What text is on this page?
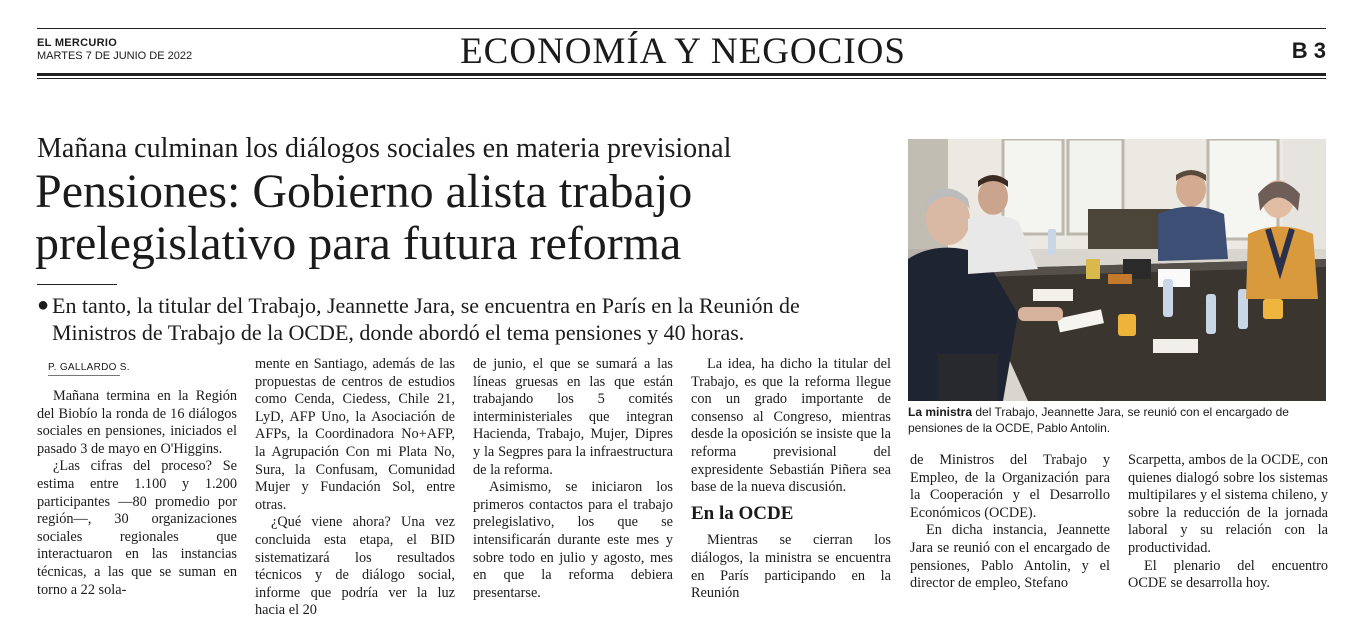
EL MERCURIO
MARTES 7 DE JUNIO DE 2022	ECONOMÍA Y NEGOCIOS	B 3
Mañana culminan los diálogos sociales en materia previsional
Pensiones: Gobierno alista trabajo
prelegislativo para futura reforma
● En tanto, la titular del Trabajo, Jeannette Jara, se encuentra en París en la Reunión de
Ministros de Trabajo de la OCDE, donde abordó el tema pensiones y 40 horas.
P. GALLARDO S.

Mañana termina en la Región del Biobío la ronda de 16 diálogos sociales en pensiones, iniciados el pasado 3 de mayo en O'Higgins.

¿Las cifras del proceso? Se estima entre 1.100 y 1.200 participantes —80 promedio por región—, 30 organizaciones sociales regionales que interactuaron en las instancias técnicas, a las que se suman en torno a 22 sola-

mente en Santiago, además de las propuestas de centros de estudios como Cenda, Ciedess, Chile 21, LyD, AFP Uno, la Asociación de AFPs, la Coordinadora No+AFP, la Agrupación Con mi Plata No, Sura, la Confusam, Comunidad Mujer y Fundación Sol, entre otras.

¿Qué viene ahora? Una vez concluida esta etapa, el BID sistematizará los resultados técnicos y de diálogo social, informe que podría ver la luz hacia el 20

de junio, el que se sumará a las líneas gruesas en las que están trabajando los 5 comités interministeriales que integran Hacienda, Trabajo, Mujer, Dipres y la Segpres para la infraestructura de la reforma.

Asimismo, se iniciaron los primeros contactos para el trabajo prelegislativo, los que se intensificarán durante este mes y sobre todo en julio y agosto, mes en que la reforma debiera presentarse.

La idea, ha dicho la titular del Trabajo, es que la reforma llegue con un grado importante de consenso al Congreso, mientras desde la oposición se insiste que la reforma previsional del expresidente Sebastián Piñera sea base de la nueva discusión.

En la OCDE

Mientras se cierran los diálogos, la ministra se encuentra en París participando en la Reunión

de Ministros del Trabajo y Empleo, de la Organización para la Cooperación y el Desarrollo Económicos (OCDE).

En dicha instancia, Jeannette Jara se reunió con el encargado de pensiones, Pablo Antolin, y el director de empleo, Stefano

Scarpetta, ambos de la OCDE, con quienes dialogó sobre los sistemas multipilares y el sistema chileno, y sobre la reducción de la jornada laboral y su relación con la productividad.

El plenario del encuentro OCDE se desarrolla hoy.

La ministra del Trabajo, Jeannette Jara, se reunió con el encargado de pensiones de la OCDE, Pablo Antolin.
